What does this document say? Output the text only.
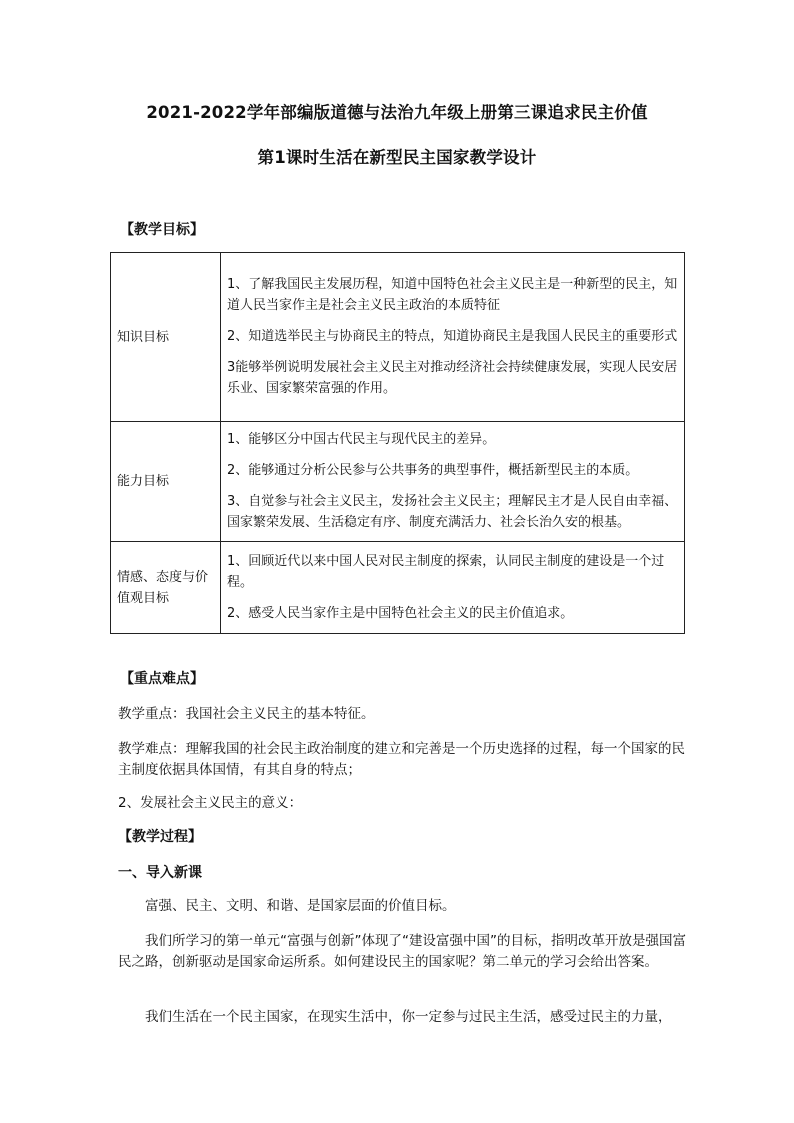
2021-2022学年部编版道德与法治九年级上册第三课追求民主价值
第1课时生活在新型民主国家教学设计
【教学目标】
知识目标	1、了解我国民主发展历程，知道中国特色社会主义民主是一种新型的民主，知道人民当家作主是社会主义民主政治的本质特征

2、知道选举民主与协商民主的特点，知道协商民主是我国人民民主的重要形式

3能够举例说明发展社会主义民主对推动经济社会持续健康发展，实现人民安居乐业、国家繁荣富强的作用。

能力目标	1、能够区分中国古代民主与现代民主的差异。

2、能够通过分析公民参与公共事务的典型事件，概括新型民主的本质。

3、自觉参与社会主义民主，发扬社会主义民主；理解民主才是人民自由幸福、国家繁荣发展、生活稳定有序、制度充满活力、社会长治久安的根基。

情感、态度与价值观目标	1、回顾近代以来中国人民对民主制度的探索，认同民主制度的建设是一个过程。

2、感受人民当家作主是中国特色社会主义的民主价值追求。

【重点难点】
教学重点：我国社会主义民主的基本特征。
教学难点：理解我国的社会民主政治制度的建立和完善是一个历史选择的过程，每一个国家的民主制度依据具体国情，有其自身的特点；
2、发展社会主义民主的意义：
【教学过程】
一、导入新课
富强、民主、文明、和谐、是国家层面的价值目标。
我们所学习的第一单元“富强与创新”体现了“建设富强中国”的目标，指明改革开放是强国富民之路，创新驱动是国家命运所系。如何建设民主的国家呢？第二单元的学习会给出答案。
我们生活在一个民主国家，在现实生活中，你一定参与过民主生活，感受过民主的力量，
